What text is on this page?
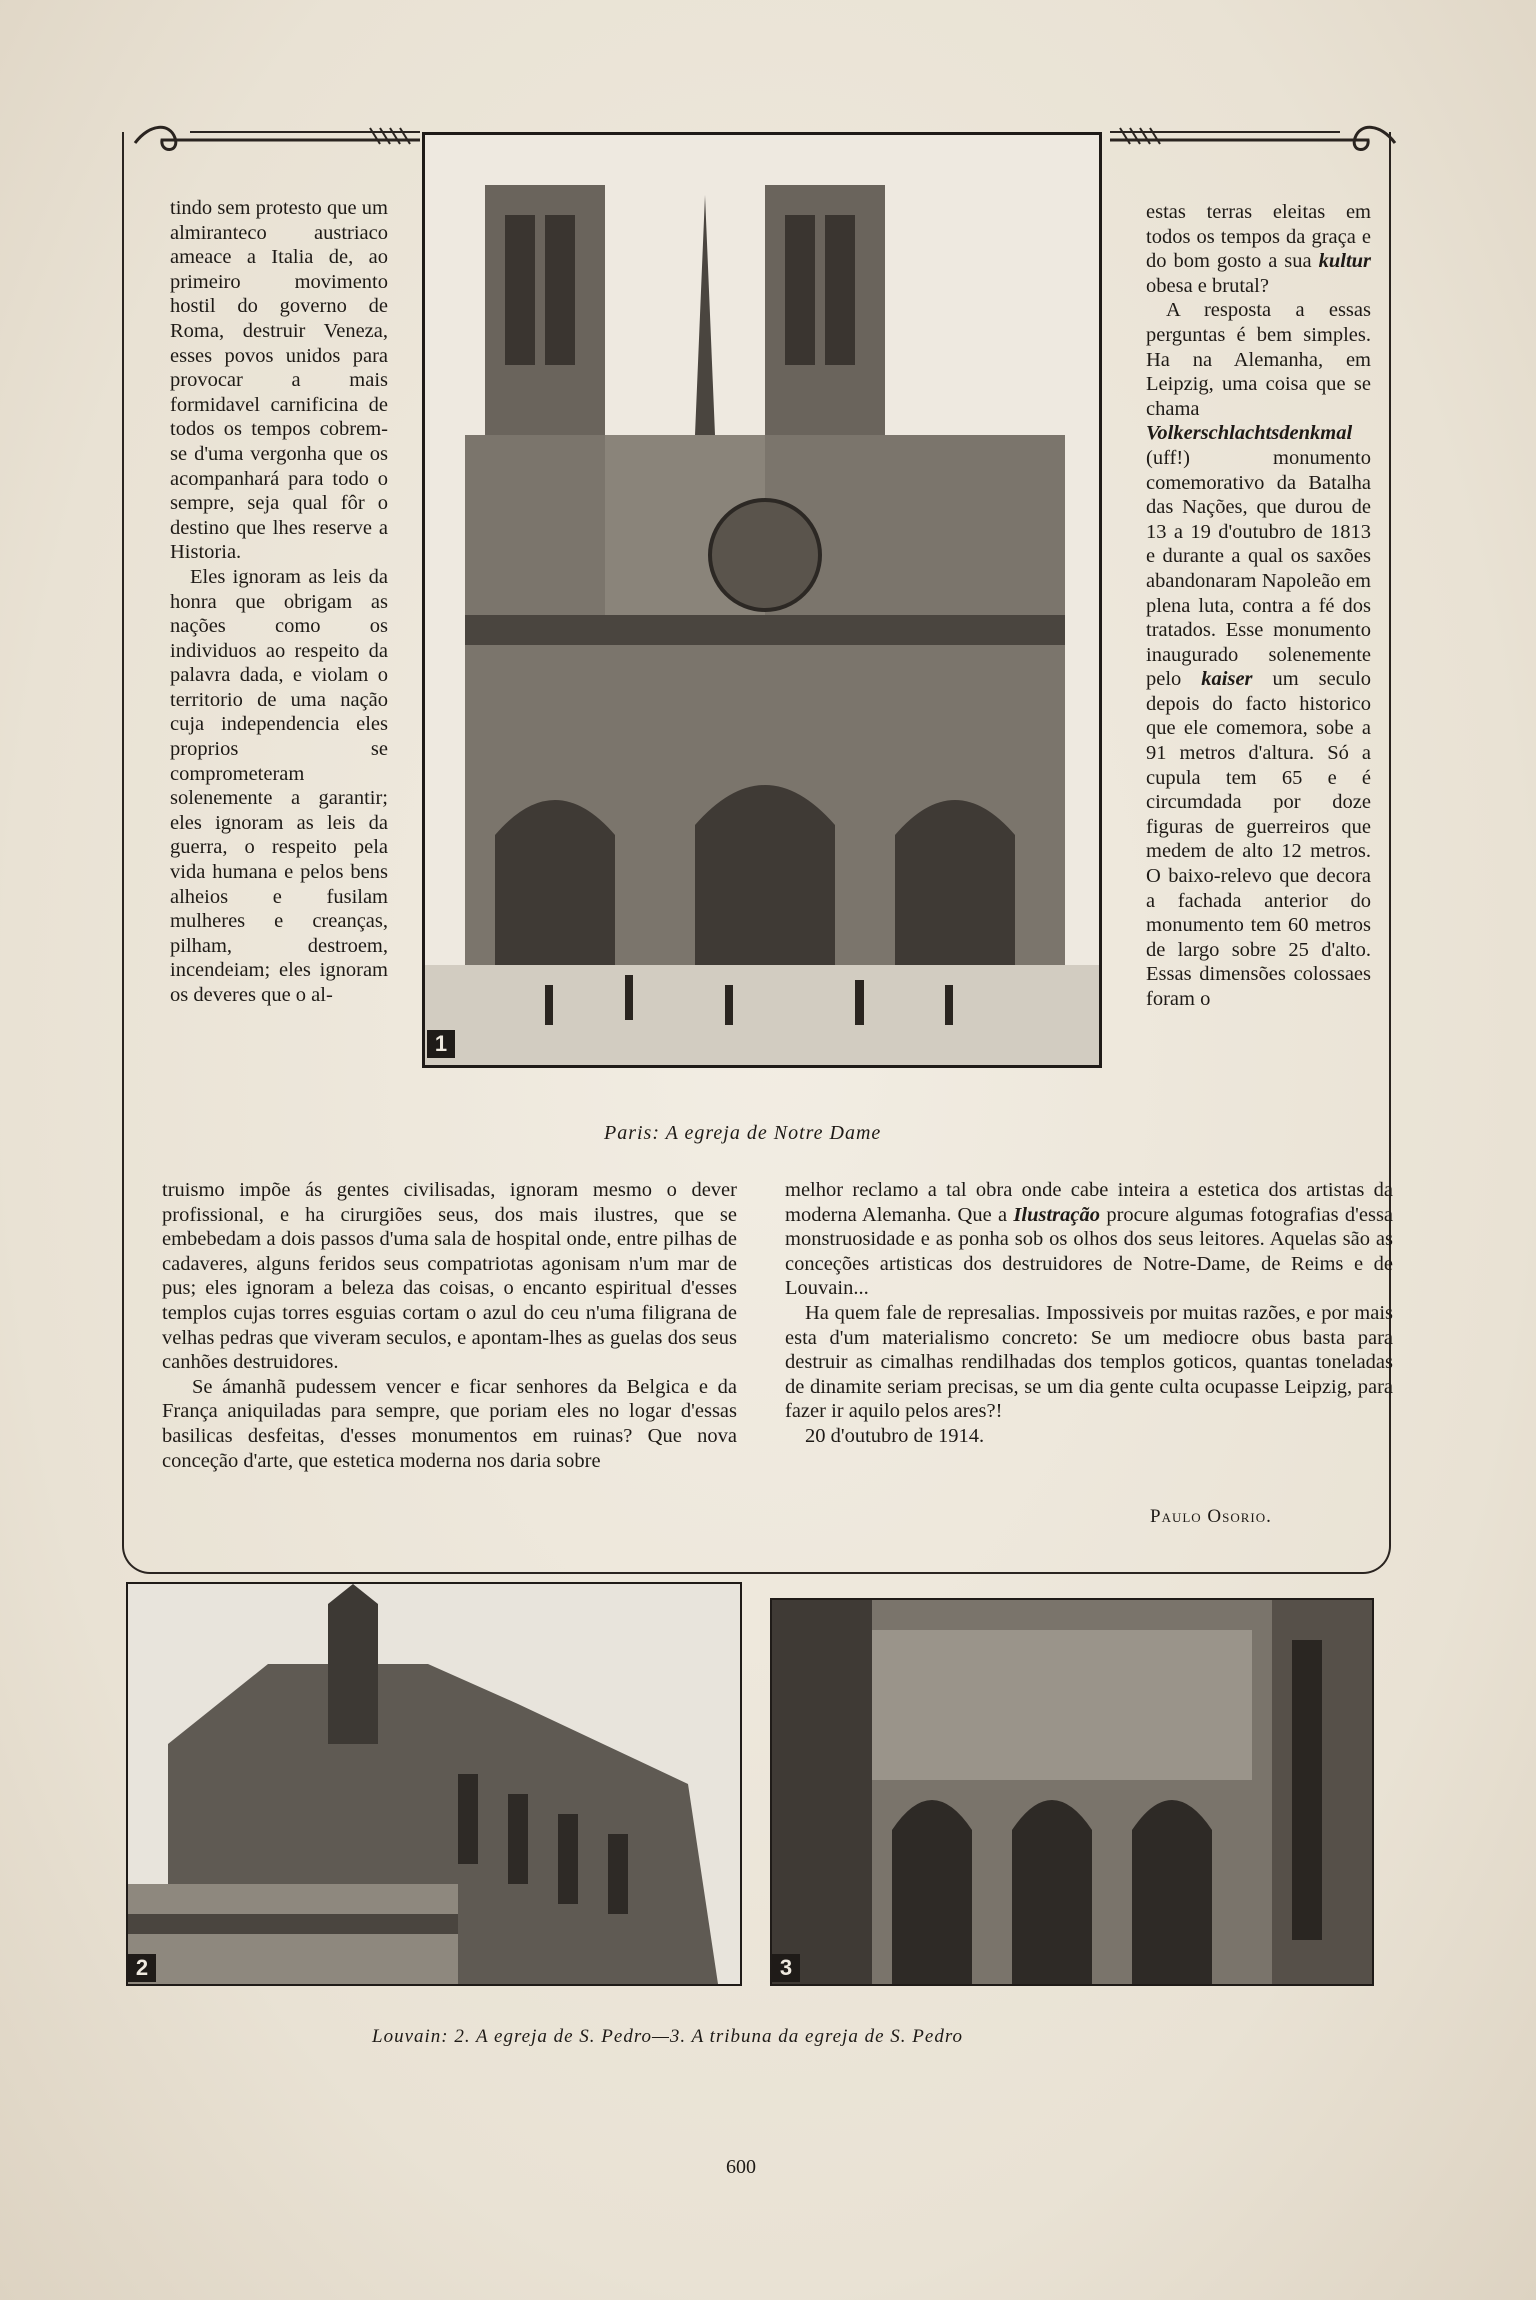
1

tindo sem protesto que um almiranteco austriaco ameace a Italia de, ao primeiro movimento hostil do governo de Roma, destruir Veneza, esses povos unidos para provocar a mais formidavel carnificina de todos os tempos cobrem-se d'uma vergonha que os acompanhará para todo o sempre, seja qual fôr o destino que lhes reserve a Historia.

Eles ignoram as leis da honra que obrigam as nações como os individuos ao respeito da palavra dada, e violam o territorio de uma nação cuja independencia eles proprios se comprometeram solenemente a garantir; eles ignoram as leis da guerra, o respeito pela vida humana e pelos bens alheios e fusilam mulheres e creanças, pilham, destroem, incendeiam; eles ignoram os deveres que o al-

estas terras eleitas em todos os tempos da graça e do bom gosto a sua kultur obesa e brutal?

A resposta a essas perguntas é bem simples. Ha na Alemanha, em Leipzig, uma coisa que se chama Volkerschlachtsdenkmal (uff!) monumento comemorativo da Batalha das Nações, que durou de 13 a 19 d'outubro de 1813 e durante a qual os saxões abandonaram Napoleão em plena luta, contra a fé dos tratados. Esse monumento inaugurado solenemente pelo kaiser um seculo depois do facto historico que ele comemora, sobe a 91 metros d'altura. Só a cupula tem 65 e é circumdada por doze figuras de guerreiros que medem de alto 12 metros. O baixo-relevo que decora a fachada anterior do monumento tem 60 metros de largo sobre 25 d'alto. Essas dimensões colossaes foram o

Paris: A egreja de Notre Dame

truismo impõe ás gentes civilisadas, ignoram mesmo o dever profissional, e ha cirurgiões seus, dos mais ilustres, que se embebedam a dois passos d'uma sala de hospital onde, entre pilhas de cadaveres, alguns feridos seus compatriotas agonisam n'um mar de pus; eles ignoram a beleza das coisas, o encanto espiritual d'esses templos cujas torres esguias cortam o azul do ceu n'uma filigrana de velhas pedras que viveram seculos, e apontam-lhes as guelas dos seus canhões destruidores.

Se ámanhã pudessem vencer e ficar senhores da Belgica e da França aniquiladas para sempre, que poriam eles no logar d'essas basilicas desfeitas, d'esses monumentos em ruinas? Que nova conceção d'arte, que estetica moderna nos daria sobre

melhor reclamo a tal obra onde cabe inteira a estetica dos artistas da moderna Alemanha. Que a Ilustração procure algumas fotografias d'essa monstruosidade e as ponha sob os olhos dos seus leitores. Aquelas são as conceções artisticas dos destruidores de Notre-Dame, de Reims e de Louvain...

Ha quem fale de represalias. Impossiveis por muitas razões, e por mais esta d'um materialismo concreto: Se um mediocre obus basta para destruir as cimalhas rendilhadas dos templos goticos, quantas toneladas de dinamite seriam precisas, se um dia gente culta ocupasse Leipzig, para fazer ir aquilo pelos ares?!

20 d'outubro de 1914.

Paulo Osorio.
2	3
Louvain: 2. A egreja de S. Pedro—3. A tribuna da egreja de S. Pedro
600
